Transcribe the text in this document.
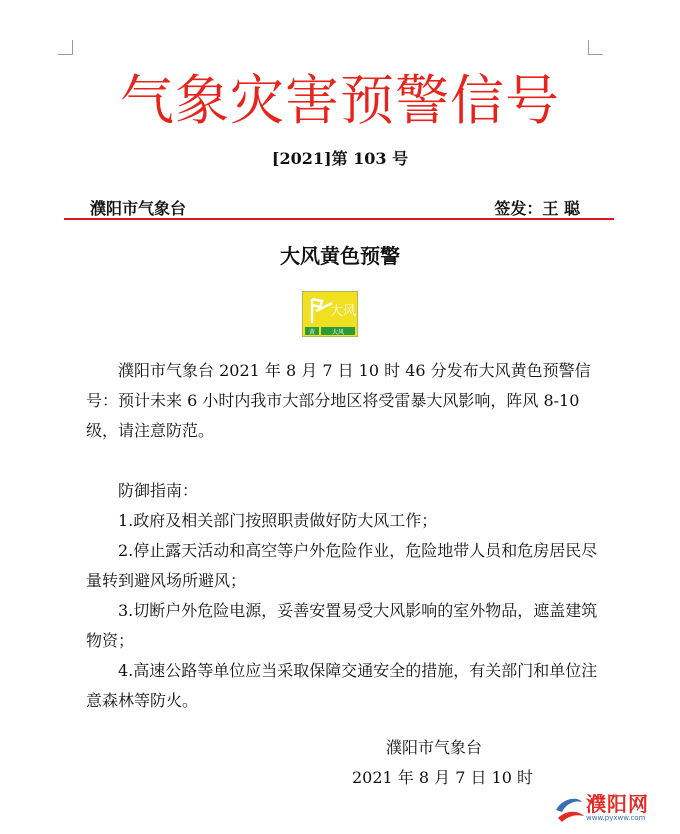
气象灾害预警信号
[2021]第 103 号
濮阳市气象台	签发：王 聪
大风黄色预警
大风
黄	大风

濮阳市气象台 2021 年 8 月 7 日 10 时 46 分发布大风黄色预警信号：预计未来 6 小时内我市大部分地区将受雷暴大风影响，阵风 8-10 级，请注意防范。

防御指南：

1.政府及相关部门按照职责做好防大风工作；

2.停止露天活动和高空等户外危险作业，危险地带人员和危房居民尽量转到避风场所避风；

3.切断户外危险电源，妥善安置易受大风影响的室外物品，遮盖建筑物资；

4.高速公路等单位应当采取保障交通安全的措施，有关部门和单位注意森林等防火。

濮阳市气象台
2021 年 8 月 7 日 10 时
濮阳网
www.pyxww.com
